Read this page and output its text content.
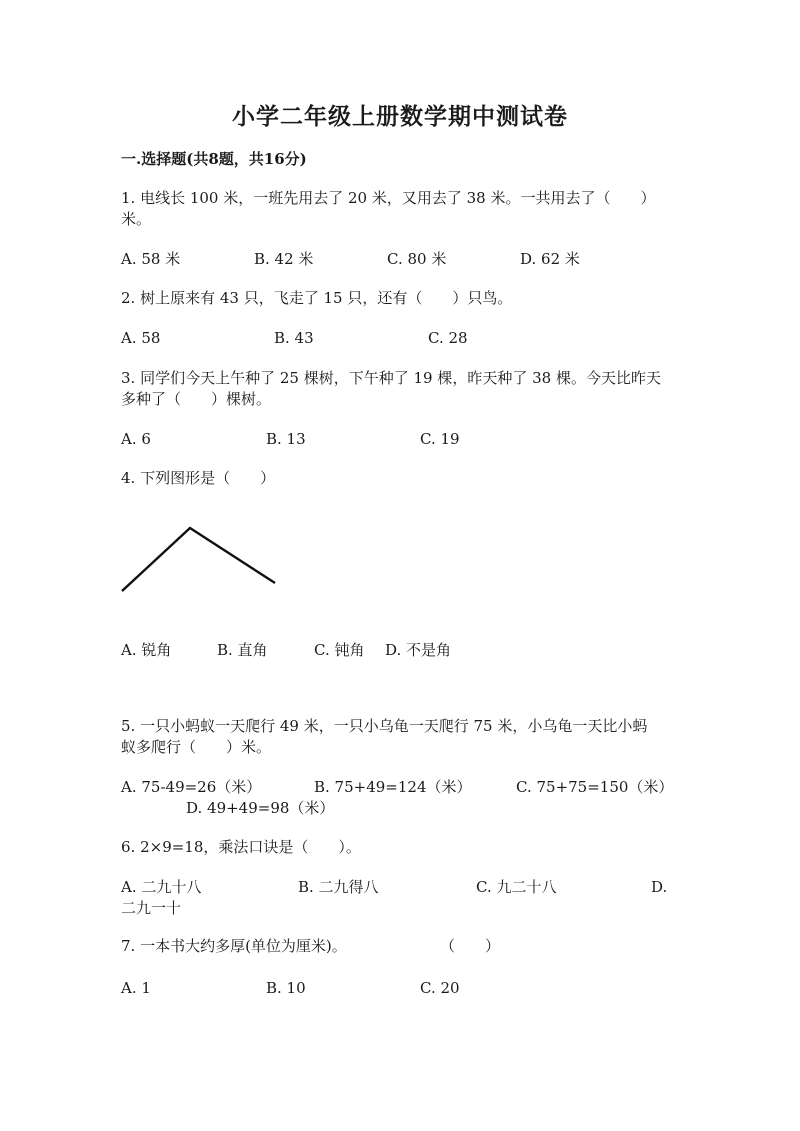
小学二年级上册数学期中测试卷
一.选择题(共8题，共16分)
1. 电线长 100 米，一班先用去了 20 米，又用去了 38 米。一共用去了（　　）
米。
A. 58 米	B. 42 米	C. 80 米	D. 62 米
2. 树上原来有 43 只，飞走了 15 只，还有（　　）只鸟。
A. 58	B. 43	C. 28
3. 同学们今天上午种了 25 棵树，下午种了 19 棵，昨天种了 38 棵。今天比昨天
多种了（　　）棵树。
A. 6	B. 13	C. 19
4. 下列图形是（　　）
A. 锐角	B. 直角	C. 钝角 D. 不是角
5. 一只小蚂蚁一天爬行 49 米，一只小乌龟一天爬行 75 米，小乌龟一天比小蚂
蚁多爬行（　　）米。
A. 75-49=26（米）	B. 75+49=124（米）	C. 75+75=150（米）
D. 49+49=98（米）
6. 2×9=18，乘法口诀是（　　）。
A. 二九十八	B. 二九得八	C. 九二十八	D.
二九一十
7. 一本书大约多厚(单位为厘米)。	（　　）
A. 1	B. 10	C. 20
